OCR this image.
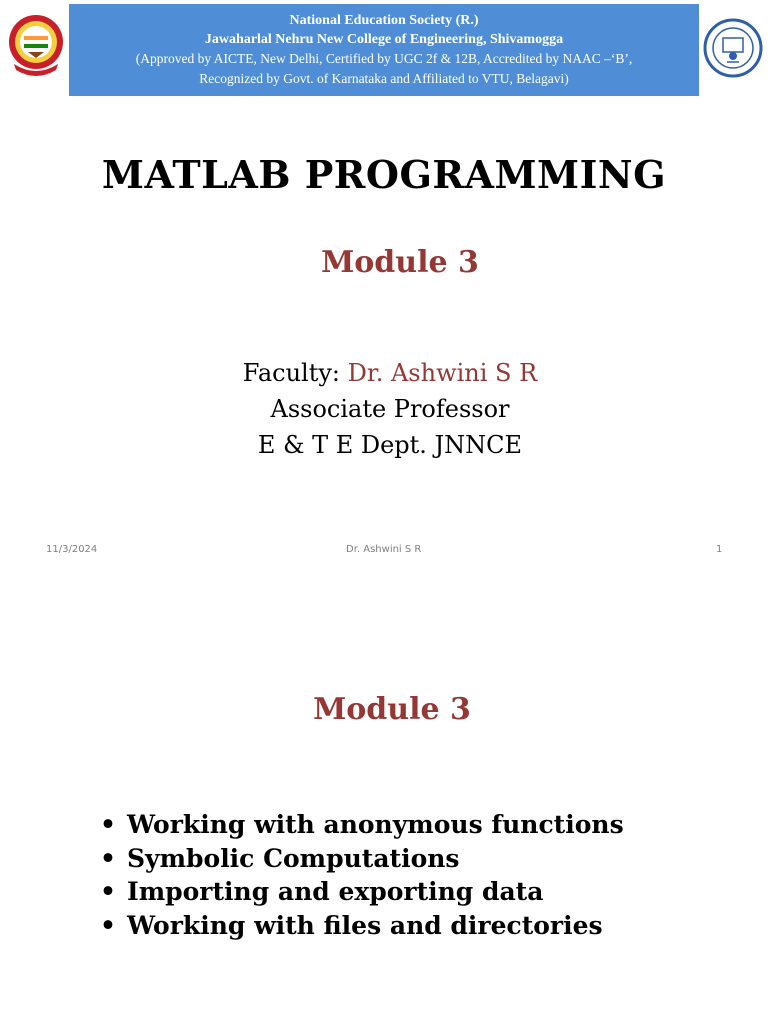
National Education Society (R.)
Jawaharlal Nehru New College of Engineering, Shivamogga
(Approved by AICTE, New Delhi, Certified by UGC 2f & 12B, Accredited by NAAC –‘B’,
Recognized by Govt. of Karnataka and Affiliated to VTU, Belagavi)
MATLAB PROGRAMMING
Module 3
Faculty: Dr. Ashwini S R
Associate Professor
E & T E Dept. JNNCE
11/3/2024	Dr. Ashwini S R	1
Module 3
• Working with anonymous functions
• Symbolic Computations
• Importing and exporting data
• Working with files and directories
